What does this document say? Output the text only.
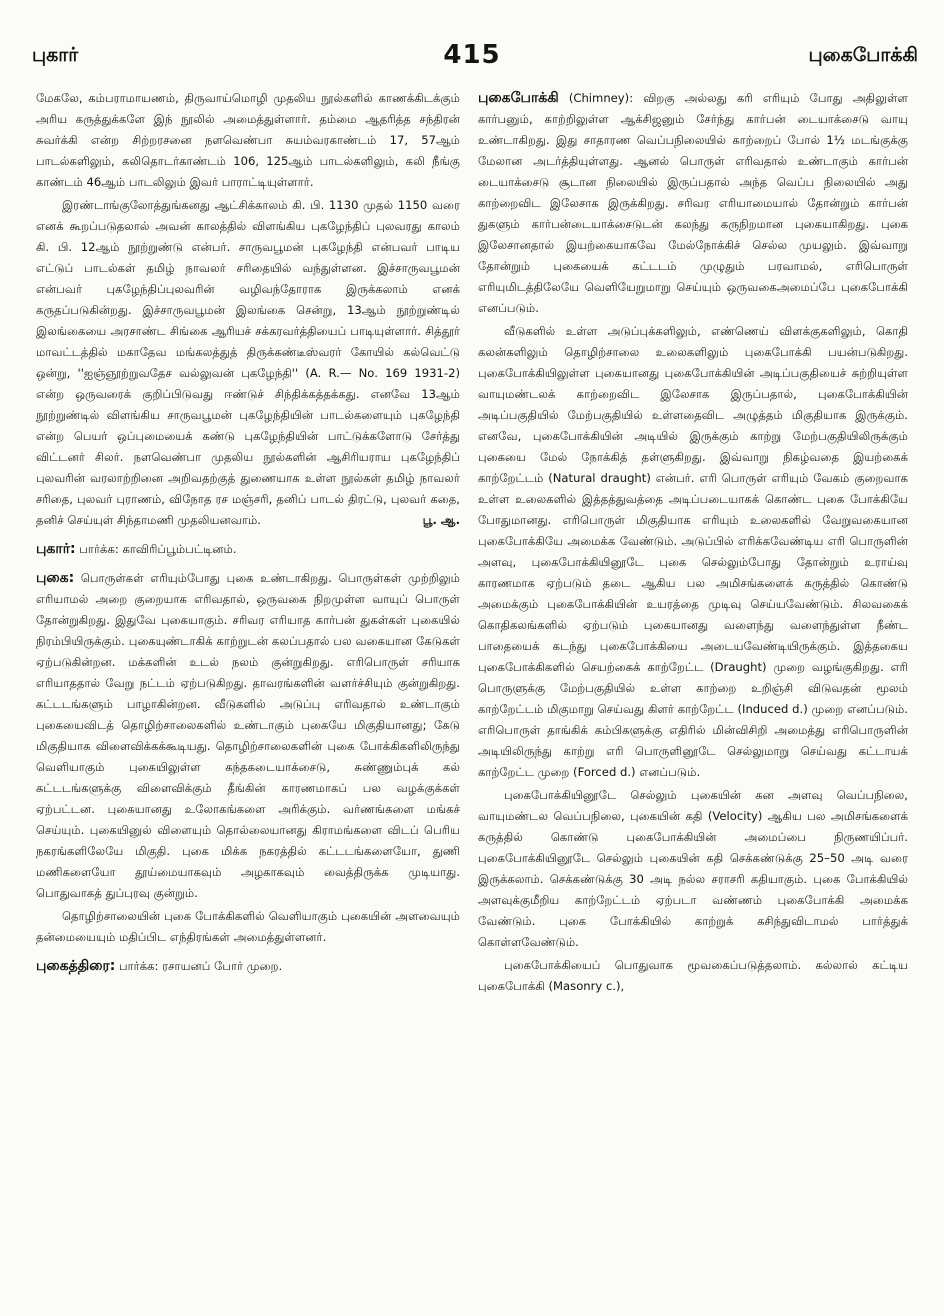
புகார்	415	புகைபோக்கி

மேகலே, கம்பராமாயணம், திருவாய்மொழி முதலிய நூல்களில் காணக்கிடக்கும் அரிய கருத்துக்களே இந் நூலில் அமைத்துள்ளார். தம்மை ஆதரித்த சந்திரன் சுவர்க்கி என்ற சிற்றரசனை நளவெண்பா சுயம்வரகாண்டம் 17, 57ஆம் பாடல்களிலும், கலிதொடர்காண்டம் 106, 125ஆம் பாடல்களிலும், கலி நீங்கு காண்டம் 46ஆம் பாடலிலும் இவர் பாராட்டியுள்ளார்.

இரண்டாங்குலோத்துங்கனது ஆட்சிக்காலம் கி. பி. 1130 முதல் 1150 வரை எனக் கூறப்படுதலால் அவன் காலத்தில் விளங்கிய புகழேந்திப் புலவரது காலம் கி. பி. 12ஆம் நூற்றுண்டு என்பர். சாருவபூமன் புகழேந்தி என்பவர் பாடிய எட்டுப் பாடல்கள் தமிழ் நாவலர் சரிதையில் வந்துள்ளன. இச்சாருவபூமன் என்பவர் புகழேந்திப்புலவரின் வழிவந்தோராக இருக்கலாம் எனக் கருதப்படுகின்றது. இச்சாருவபூமன் இலங்கை சென்று, 13ஆம் நூற்றுண்டில் இலங்கையை அரசாண்ட சிங்கை ஆரியச் சக்கரவர்த்தியைப் பாடியுள்ளார். சித்தூர் மாவட்டத்தில் மகாதேவ மங்கலத்துத் திருக்கண்டீஸ்வரர் கோயில் கல்வெட்டு ஒன்று, ''ஐஞ்ஞூற்றுவதேச வல்லுவன் புகழேந்தி'' (A. R.— No. 169 1931-2) என்ற ஒருவரைக் குறிப்பிடுவது ஈண்டுச் சிந்திக்கத்தக்கது. எனவே 13ஆம் நூற்றுண்டில் விளங்கிய சாருவபூமன் புகழேந்தியின் பாடல்களையும் புகழேந்தி என்ற பெயர் ஒப்புமையைக் கண்டு புகழேந்தியின் பாட்டுக்களோடு சேர்த்து விட்டனர் சிலர். நளவெண்பா முதலிய நூல்களின் ஆசிரியராய புகழேந்திப் புலவரின் வரலாற்றினை அறிவதற்குத் துணையாக உள்ள நூல்கள் தமிழ் நாவலர் சரிதை, புலவர் புராணம், விநோத ரச மஞ்சரி, தனிப் பாடல் திரட்டு, புலவர் கதை, தனிச் செய்யுள் சிந்தாமணி முதலியனவாம்.	பூ. ஆ.

புகார்: பார்க்க: காவிரிப்பூம்பட்டினம்.

புகை: பொருள்கள் எரியும்போது புகை உண்டாகிறது. பொருள்கள் முற்றிலும் எரியாமல் அறை குறையாக எரிவதால், ஒருவகை நிறமுள்ள வாயுப் பொருள் தோன்றுகிறது. இதுவே புகையாகும். சரிவர எரியாத கார்பன் துகள்கள் புகையில் நிரம்பியிருக்கும். புகையுண்டாகிக் காற்றுடன் கலப்பதால் பல வகையான கேடுகள் ஏற்படுகின்றன. மக்களின் உடல் நலம் குன்றுகிறது. எரிபொருள் சரியாக எரியாததால் வேறு நட்டம் ஏற்படுகிறது. தாவரங்களின் வளர்ச்சியும் குன்றுகிறது. கட்டடங்களும் பாழாகின்றன. வீடுகளில் அடுப்பு எரிவதால் உண்டாகும் புகையைவிடத் தொழிற்சாலைகளில் உண்டாகும் புகையே மிகுதியானது; கேடு மிகுதியாக விளைவிக்கக்கூடியது. தொழிற்சாலைகளின் புகை போக்கிகளிலிருந்து வெளியாகும் புகையிலுள்ள கந்தகடையாக்சைடு, சுண்ணும்புக் கல் கட்டடங்களுக்கு விளைவிக்கும் தீங்கின் காரணமாகப் பல வழக்குக்கள் ஏற்பட்டன. புகையானது உலோகங்களை அரிக்கும். வர்ணங்களை மங்கச் செய்யும். புகையினுல் விளையும் தொல்லையானது கிராமங்களை விடப் பெரிய நகரங்களிலேயே மிகுதி. புகை மிக்க நகரத்தில் கட்டடங்களையோ, துணி மணிகளையோ தூய்மையாகவும் அழகாகவும் வைத்திருக்க முடியாது. பொதுவாகத் துப்புரவு குன்றும்.

தொழிற்சாலையின் புகை போக்கிகளில் வெளியாகும் புகையின் அளவையும் தன்மையையும் மதிப்பிட எந்திரங்கள் அமைத்துள்ளனர்.

புகைத்திரை: பார்க்க: ரசாயனப் போர் முறை.

புகைபோக்கி (Chimney): விறகு அல்லது கரி எரியும் போது அதிலுள்ள கார்பனும், காற்றிலுள்ள ஆக்சிஜனும் சேர்ந்து கார்பன் டையாக்சைடு வாயு உண்டாகிறது. இது சாதாரண வெப்பநிலையில் காற்றைப் போல் 1½ மடங்குக்கு மேலான அடர்த்தியுள்ளது. ஆனல் பொருள் எரிவதால் உண்டாகும் கார்பன் டையாக்சைடு சூடான நிலையில் இருப்பதால் அந்த வெப்ப நிலையில் அது காற்றைவிட இலேசாக இருக்கிறது. சரிவர எரியாமையால் தோன்றும் கார்பன் துகளும் கார்பன்டையாக்சைடுடன் கலந்து கருநிறமான புகையாகிறது. புகை இலேசானதால் இயற்கையாகவே மேல்நோக்கிச் செல்ல முயலும். இவ்வாறு தோன்றும் புகையைக் கட்டடம் முழுதும் பரவாமல், எரிபொருள் எரியுமிடத்திலேயே வெளியேறுமாறு செய்யும் ஒருவகைஅமைப்பே புகைபோக்கி எனப்படும்.

வீடுகளில் உள்ள அடுப்புக்களிலும், எண்ணெய் விளக்குகளிலும், கொதி கலன்களிலும் தொழிற்சாலை உலைகளிலும் புகைபோக்கி பயன்படுகிறது. புகைபோக்கியிலுள்ள புகையானது புகைபோக்கியின் அடிப்பகுதியைச் சுற்றியுள்ள வாயுமண்டலக் காற்றைவிட இலேசாக இருப்பதால், புகைபோக்கியின் அடிப்பகுதியில் மேற்பகுதியில் உள்ளதைவிட அழுத்தம் மிகுதியாக இருக்கும். எனவே, புகைபோக்கியின் அடியில் இருக்கும் காற்று மேற்பகுதியிலிருக்கும் புகையை மேல் நோக்கித் தள்ளுகிறது. இவ்வாறு நிகழ்வதை இயற்கைக் காற்றேட்டம் (Natural draught) என்பர். எரி பொருள் எரியும் வேகம் குறைவாக உள்ள உலைகளில் இத்தத்துவத்தை அடிப்படையாகக் கொண்ட புகை போக்கியே போதுமானது. எரிபொருள் மிகுதியாக எரியும் உலைகளில் வேறுவகையான புகைபோக்கியே அமைக்க வேண்டும். அடுப்பில் எரிக்கவேண்டிய எரி பொருளின் அளவு, புகைபோக்கியினூடே புகை செல்லும்போது தோன்றும் உராய்வு காரணமாக ஏற்படும் தடை ஆகிய பல அமிசங்களைக் கருத்தில் கொண்டு அமைக்கும் புகைபோக்கியின் உயரத்தை முடிவு செய்யவேண்டும். சிலவகைக் கொதிகலங்களில் ஏற்படும் புகையானது வளைந்து வளைந்துள்ள நீண்ட பாதையைக் கடந்து புகைபோக்கியை அடையவேண்டியிருக்கும். இத்தகைய புகைபோக்கிகளில் செயற்கைக் காற்றேட்ட (Draught) முறை வழங்குகிறது. எரி பொருளுக்கு மேற்பகுதியில் உள்ள காற்றை உறிஞ்சி விடுவதன் மூலம் காற்றேட்டம் மிகுமாறு செய்வது கிளர் காற்றேட்ட (Induced d.) முறை எனப்படும். எரிபொருள் தாங்கிக் கம்பிகளுக்கு எதிரில் மின்விசிறி அமைத்து எரிபொருளின் அடியிலிருந்து காற்று எரி பொருளினூடே செல்லுமாறு செய்வது கட்டாயக் காற்றேட்ட முறை (Forced d.) எனப்படும்.

புகைபோக்கியினூடே செல்லும் புகையின் கன அளவு வெப்பநிலை, வாயுமண்டல வெப்பநிலை, புகையின் கதி (Velocity) ஆகிய பல அமிசங்களைக் கருத்தில் கொண்டு புகைபோக்கியின் அமைப்பை நிருணயிப்பர். புகைபோக்கியினூடே செல்லும் புகையின் கதி செக்கண்டுக்கு 25–50 அடி வரை இருக்கலாம். செக்கண்டுக்கு 30 அடி நல்ல சராசரி கதியாகும். புகை போக்கியில் அளவுக்குமீறிய காற்றேட்டம் ஏற்படா வண்ணம் புகைபோக்கி அமைக்க வேண்டும். புகை போக்கியில் காற்றுக் கசிந்துவிடாமல் பார்த்துக் கொள்ளவேண்டும்.

புகைபோக்கியைப் பொதுவாக மூவகைப்படுத்தலாம். கல்லால் கட்டிய புகைபோக்கி (Masonry c.),
